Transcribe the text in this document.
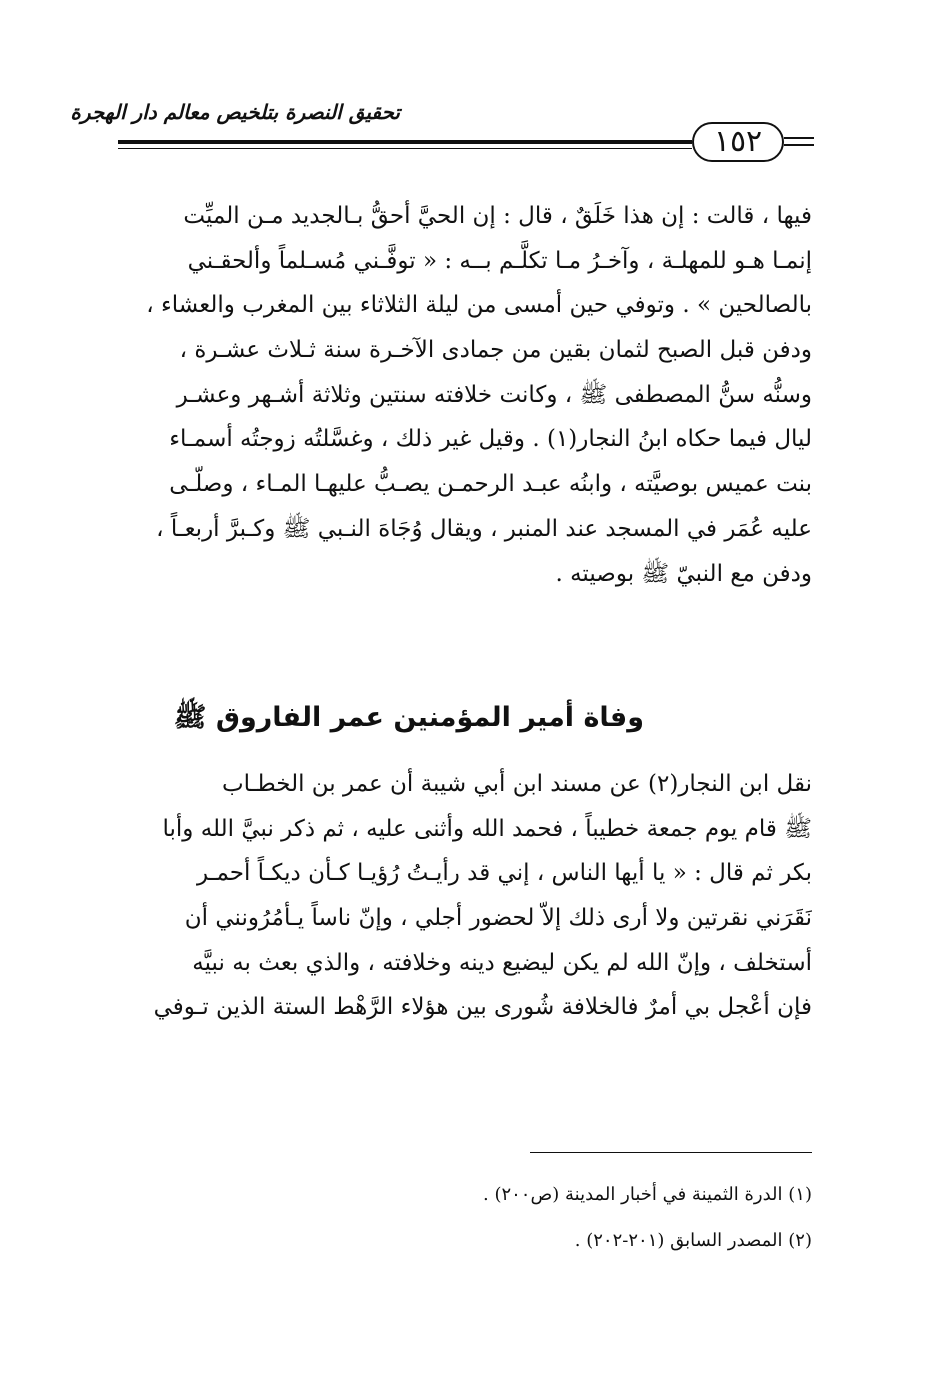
تحقيق النصرة بتلخيص معالم دار الهجرة
١٥٢
فيها ، قالت : إن هذا خَلَقٌ ، قال : إن الحيَّ أحقُّ بـالجديد مـن الميِّت
إنمـا هـو للمهلـة ، وآخـرُ مـا تكلَّـم بــه : « توفَّـني مُسـلماً وألحقـني
بالصالحين » . وتوفي حين أمسى من ليلة الثلاثاء بين المغرب والعشاء ،
ودفن قبل الصبح لثمان بقين من جمادى الآخـرة سنة ثـلاث عشـرة ،
وسنُّه سنُّ المصطفى ﷺ ، وكانت خلافته سنتين وثلاثة أشـهر وعشـر
ليال فيما حكاه ابنُ النجار(١) . وقيل غير ذلك ، وغسَّلتُه زوجتُه أسمـاء
بنت عميس بوصيَّته ، وابنُه عبـد الرحمـن يصـبُّ عليهـا المـاء ، وصلّـى
عليه عُمَر في المسجد عند المنبر ، ويقال وُجَاهَ النـبي ﷺ وكـبرَّ أربعـاً ،
ودفن مع النبيّ ﷺ بوصيته .
وفاة أمير المؤمنين عمر الفاروق ﷺ
نقل ابن النجار(٢) عن مسند ابن أبي شيبة أن عمر بن الخطـاب
ﷺ قام يوم جمعة خطيباً ، فحمد الله وأثنى عليه ، ثم ذكر نبيَّ الله وأبا
بكر ثم قال : « يا أيها الناس ، إني قد رأيـتُ رُؤيـا كـأن ديكـاً أحمـر
نَقَرَني نقرتين ولا أرى ذلك إلاّ لحضور أجلي ، وإنّ ناساً يـأمُرُونني أن
أستخلف ، وإنّ الله لم يكن ليضيع دينه وخلافته ، والذي بعث به نبيَّه
فإن أعْجل بي أمرٌ فالخلافة شُورى بين هؤلاء الرَّهْط الستة الذين تـوفي
(١) الدرة الثمينة في أخبار المدينة (ص٢٠٠) .
(٢) المصدر السابق (٢٠١-٢٠٢) .
